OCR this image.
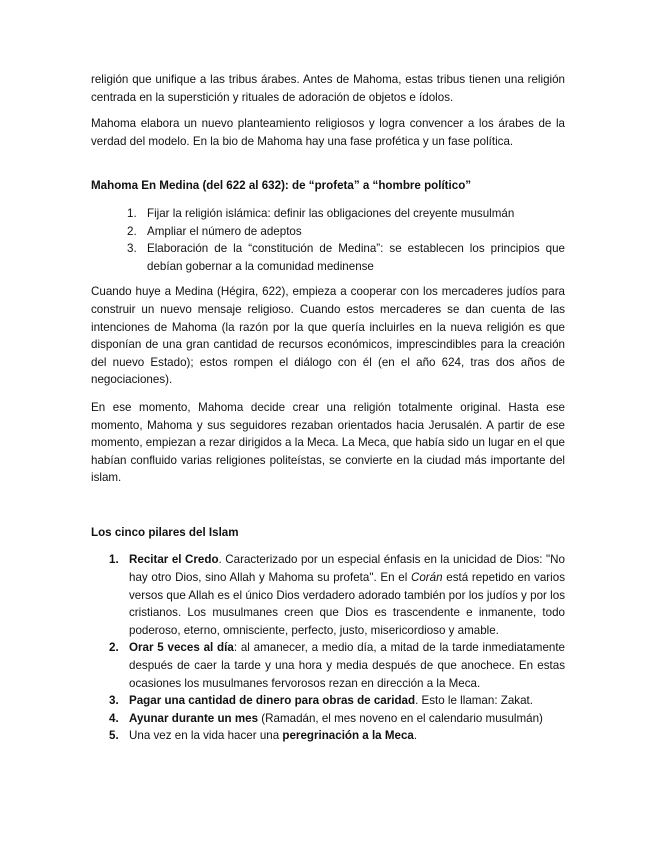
religión que unifique a las tribus árabes. Antes de Mahoma, estas tribus tienen una religión centrada en la superstición y rituales de adoración de objetos e ídolos.

Mahoma elabora un nuevo planteamiento religiosos y logra convencer a los árabes de la verdad del modelo. En la bio de Mahoma hay una fase profética y un fase política.

Mahoma En Medina (del 622 al 632): de “profeta” a “hombre político”
1. Fijar la religión islámica: definir las obligaciones del creyente musulmán
2. Ampliar el número de adeptos
3. Elaboración de la “constitución de Medina”: se establecen los principios que debían gobernar a la comunidad medinense

Cuando huye a Medina (Hégira, 622), empieza a cooperar con los mercaderes judíos para construir un nuevo mensaje religioso. Cuando estos mercaderes se dan cuenta de las intenciones de Mahoma (la razón por la que quería incluirles en la nueva religión es que disponían de una gran cantidad de recursos económicos, imprescindibles para la creación del nuevo Estado); estos rompen el diálogo con él (en el año 624, tras dos años de negociaciones).

En ese momento, Mahoma decide crear una religión totalmente original. Hasta ese momento, Mahoma y sus seguidores rezaban orientados hacia Jerusalén. A partir de ese momento, empiezan a rezar dirigidos a la Meca. La Meca, que había sido un lugar en el que habían confluido varias religiones politeístas, se convierte en la ciudad más importante del islam.

Los cinco pilares del Islam
1. Recitar el Credo. Caracterizado por un especial énfasis en la unicidad de Dios: "No hay otro Dios, sino Allah y Mahoma su profeta". En el Corán está repetido en varios versos que Allah es el único Dios verdadero adorado también por los judíos y por los cristianos. Los musulmanes creen que Dios es trascendente e inmanente, todo poderoso, eterno, omnisciente, perfecto, justo, misericordioso y amable.
2. Orar 5 veces al día: al amanecer, a medio día, a mitad de la tarde inmediatamente después de caer la tarde y una hora y media después de que anochece. En estas ocasiones los musulmanes fervorosos rezan en dirección a la Meca.
3. Pagar una cantidad de dinero para obras de caridad. Esto le llaman: Zakat.
4. Ayunar durante un mes (Ramadán, el mes noveno en el calendario musulmán)
5. Una vez en la vida hacer una peregrinación a la Meca.
